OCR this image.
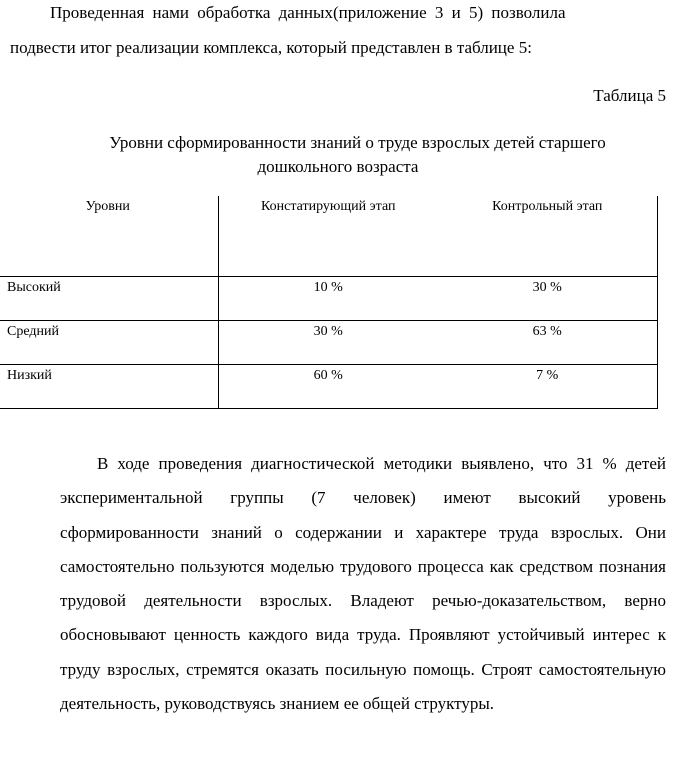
Проведенная нами обработка данных(приложение 3 и 5) позволила
подвести итог реализации комплекса, который представлен в таблице 5:
Таблица 5
Уровни сформированности знаний о труде взрослых детей старшего
дошкольного возраста
Уровни	Констатирующий этап	Контрольный этап
Высокий	10 %	30 %
Средний	30 %	63 %
Низкий	60 %	7 %

В ходе проведения диагностической методики выявлено, что 31 % детей экспериментальной группы (7 человек) имеют высокий уровень сформированности знаний о содержании и характере труда взрослых. Они самостоятельно пользуются моделью трудового процесса как средством познания трудовой деятельности взрослых. Владеют речью-доказательством, верно обосновывают ценность каждого вида труда. Проявляют устойчивый интерес к труду взрослых, стремятся оказать посильную помощь. Строят самостоятельную деятельность, руководствуясь знанием ее общей структуры.
